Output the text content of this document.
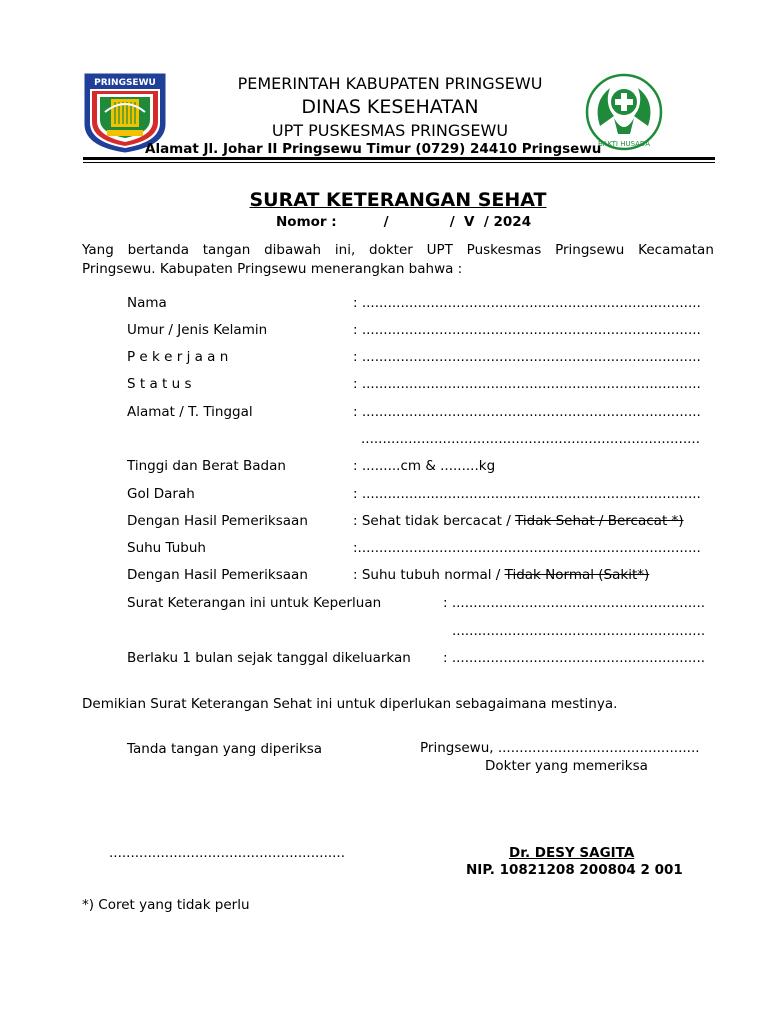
PRINGSEWU	PEMERINTAH KABUPATEN PRINGSEWU
DINAS KESEHATAN
UPT PUSKESMAS PRINGSEWU
BAKTI HUSADA
Alamat Jl. Johar II Pringsewu Timur (0729) 24410 Pringsewu
SURAT KETERANGAN SEHAT
Nomor :          /             /  V  / 2024
Yang bertanda tangan dibawah ini, dokter UPT Puskesmas Pringsewu Kecamatan
Pringsewu. Kabupaten Pringsewu menerangkan bahwa :
Nama	: ...............................................................................
Umur / Jenis Kelamin	: ...............................................................................
P e k e r j a a n	: ...............................................................................
S t a t u s	: ...............................................................................
Alamat / T. Tinggal	: ...............................................................................
...............................................................................
Tinggi dan Berat Badan	: .........cm & .........kg
Gol Darah	: ...............................................................................
Dengan Hasil Pemeriksaan	: Sehat tidak bercacat / Tidak Sehat / Bercacat *)
Suhu Tubuh	:................................................................................
Dengan Hasil Pemeriksaan	: Suhu tubuh normal / Tidak Normal (Sakit*)
Surat Keterangan ini untuk Keperluan	: ...........................................................
...........................................................
Berlaku 1 bulan sejak tanggal dikeluarkan : ...........................................................
Demikian Surat Keterangan Sehat ini untuk diperlukan sebagaimana mestinya.
Tanda tangan yang diperiksa	Pringsewu, ...............................................
Dokter yang memeriksa
.......................................................	Dr. DESY SAGITA
NIP. 10821208 200804 2 001
*) Coret yang tidak perlu
